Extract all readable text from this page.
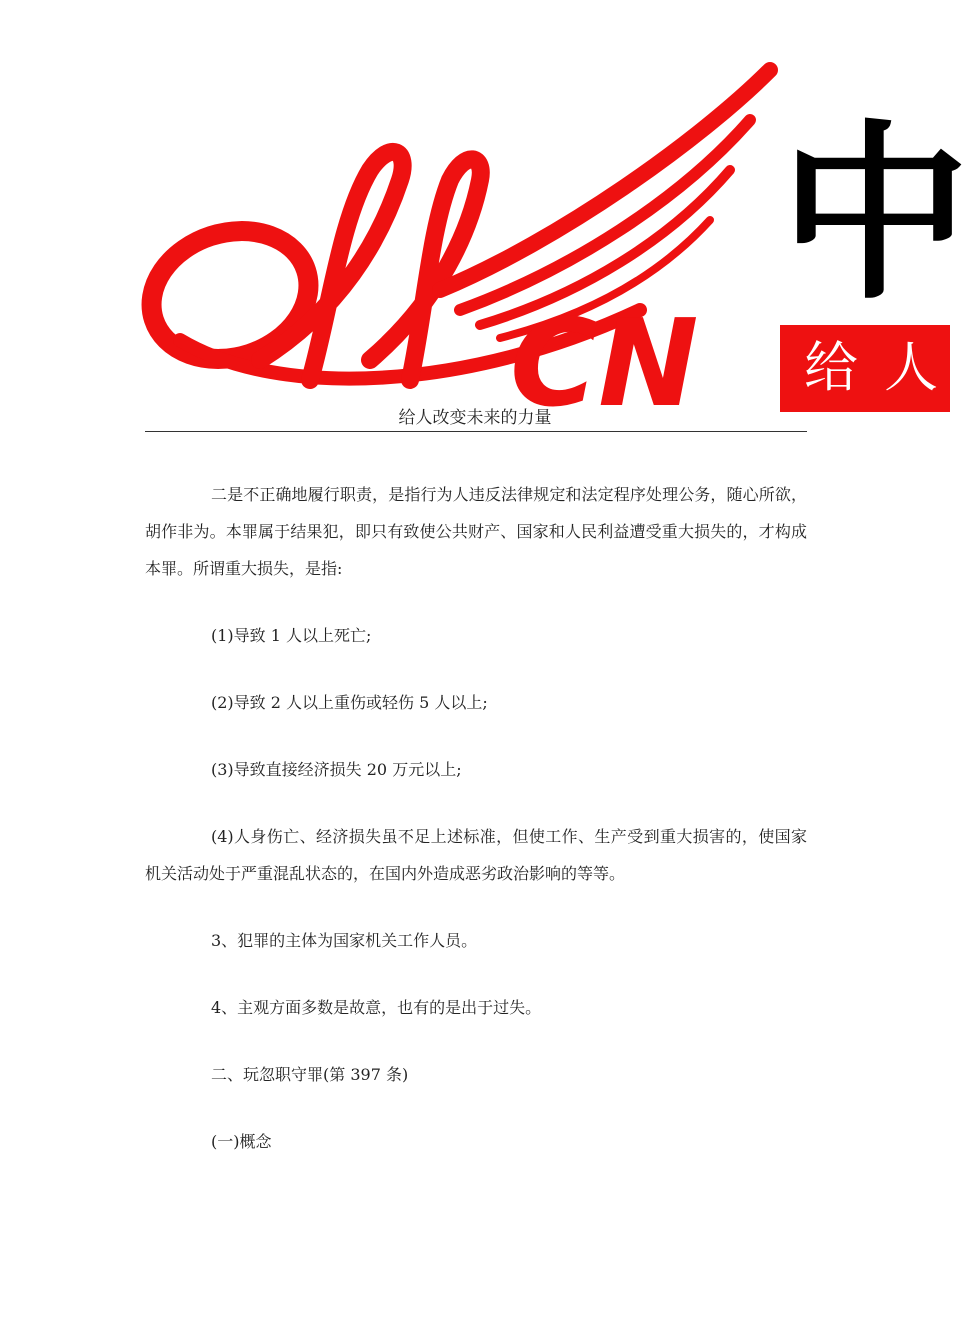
CN
中
给人
给人改变未来的力量

二是不正确地履行职责，是指行为人违反法律规定和法定程序处理公务，随心所欲，胡作非为。本罪属于结果犯，即只有致使公共财产、国家和人民利益遭受重大损失的，才构成本罪。所谓重大损失，是指:

(1)导致 1 人以上死亡;

(2)导致 2 人以上重伤或轻伤 5 人以上;

(3)导致直接经济损失 20 万元以上;

(4)人身伤亡、经济损失虽不足上述标准，但使工作、生产受到重大损害的，使国家机关活动处于严重混乱状态的，在国内外造成恶劣政治影响的等等。

3、犯罪的主体为国家机关工作人员。

4、主观方面多数是故意，也有的是出于过失。

二、玩忽职守罪(第 397 条)

(一)概念
